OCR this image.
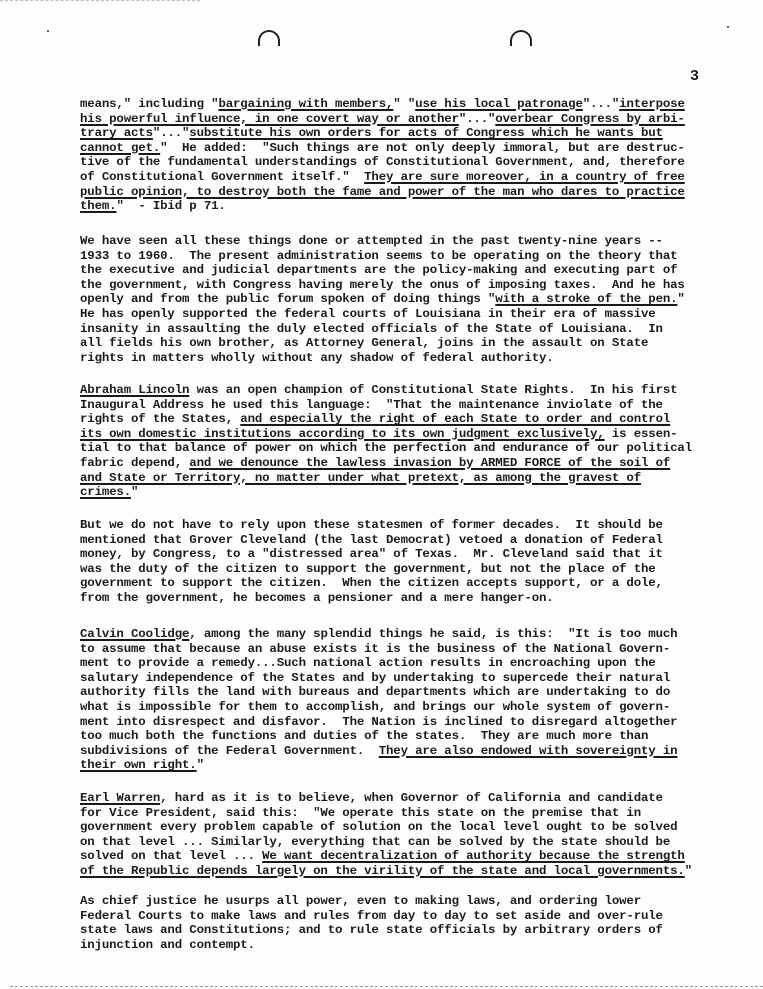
3
means," including "bargaining with members," "use his local patronage"..."interpose
his powerful influence, in one covert way or another"..."overbear Congress by arbi-
trary acts"..."substitute his own orders for acts of Congress which he wants but
cannot get."  He added:  "Such things are not only deeply immoral, but are destruc-
tive of the fundamental understandings of Constitutional Government, and, therefore
of Constitutional Government itself."  They are sure moreover, in a country of free
public opinion, to destroy both the fame and power of the man who dares to practice
them."  - Ibid p 71.
We have seen all these things done or attempted in the past twenty-nine years --
1933 to 1960.  The present administration seems to be operating on the theory that
the executive and judicial departments are the policy-making and executing part of
the government, with Congress having merely the onus of imposing taxes.  And he has
openly and from the public forum spoken of doing things "with a stroke of the pen."
He has openly supported the federal courts of Louisiana in their era of massive
insanity in assaulting the duly elected officials of the State of Louisiana.  In
all fields his own brother, as Attorney General, joins in the assault on State
rights in matters wholly without any shadow of federal authority.
Abraham Lincoln was an open champion of Constitutional State Rights.  In his first
Inaugural Address he used this language:  "That the maintenance inviolate of the
rights of the States, and especially the right of each State to order and control
its own domestic institutions according to its own judgment exclusively, is essen-
tial to that balance of power on which the perfection and endurance of our political
fabric depend, and we denounce the lawless invasion by ARMED FORCE of the soil of
and State or Territory, no matter under what pretext, as among the gravest of
crimes."
But we do not have to rely upon these statesmen of former decades.  It should be
mentioned that Grover Cleveland (the last Democrat) vetoed a donation of Federal
money, by Congress, to a "distressed area" of Texas.  Mr. Cleveland said that it
was the duty of the citizen to support the government, but not the place of the
government to support the citizen.  When the citizen accepts support, or a dole,
from the government, he becomes a pensioner and a mere hanger-on.
Calvin Coolidge, among the many splendid things he said, is this:  "It is too much
to assume that because an abuse exists it is the business of the National Govern-
ment to provide a remedy...Such national action results in encroaching upon the
salutary independence of the States and by undertaking to supercede their natural
authority fills the land with bureaus and departments which are undertaking to do
what is impossible for them to accomplish, and brings our whole system of govern-
ment into disrespect and disfavor.  The Nation is inclined to disregard altogether
too much both the functions and duties of the states.  They are much more than
subdivisions of the Federal Government.  They are also endowed with sovereignty in
their own right."
Earl Warren, hard as it is to believe, when Governor of California and candidate
for Vice President, said this:  "We operate this state on the premise that in
government every problem capable of solution on the local level ought to be solved
on that level ... Similarly, everything that can be solved by the state should be
solved on that level ... We want decentralization of authority because the strength
of the Republic depends largely on the virility of the state and local governments."
As chief justice he usurps all power, even to making laws, and ordering lower
Federal Courts to make laws and rules from day to day to set aside and over-rule
state laws and Constitutions; and to rule state officials by arbitrary orders of
injunction and contempt.
